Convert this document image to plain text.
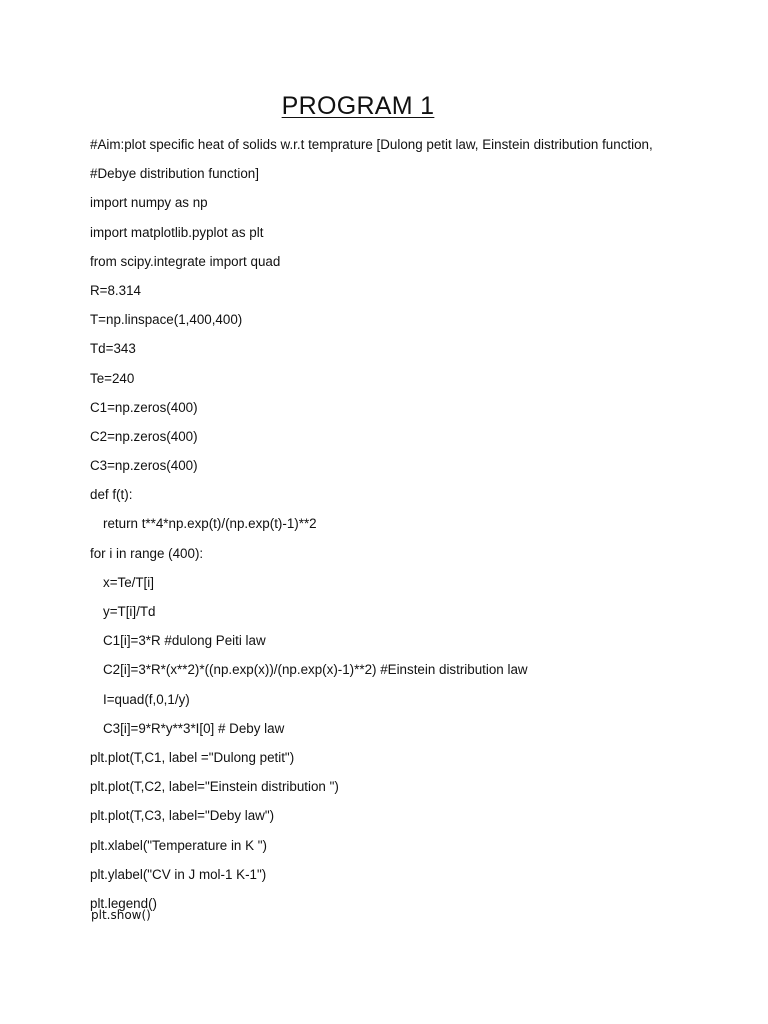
PROGRAM 1
#Aim:plot specific heat of solids w.r.t temprature [Dulong petit law, Einstein distribution function,
#Debye distribution function]
import numpy as np
import matplotlib.pyplot as plt
from scipy.integrate import quad
R=8.314
T=np.linspace(1,400,400)
Td=343
Te=240
C1=np.zeros(400)
C2=np.zeros(400)
C3=np.zeros(400)
def f(t):
return t**4*np.exp(t)/(np.exp(t)-1)**2
for i in range (400):
x=Te/T[i]
y=T[i]/Td
C1[i]=3*R #dulong Peiti law
C2[i]=3*R*(x**2)*((np.exp(x))/(np.exp(x)-1)**2) #Einstein distribution law
I=quad(f,0,1/y)
C3[i]=9*R*y**3*I[0] # Deby law
plt.plot(T,C1, label ="Dulong petit")
plt.plot(T,C2, label="Einstein distribution ")
plt.plot(T,C3, label="Deby law")
plt.xlabel("Temperature in K ")
plt.ylabel("CV in J mol-1 K-1")
plt.legend()
plt.show()
